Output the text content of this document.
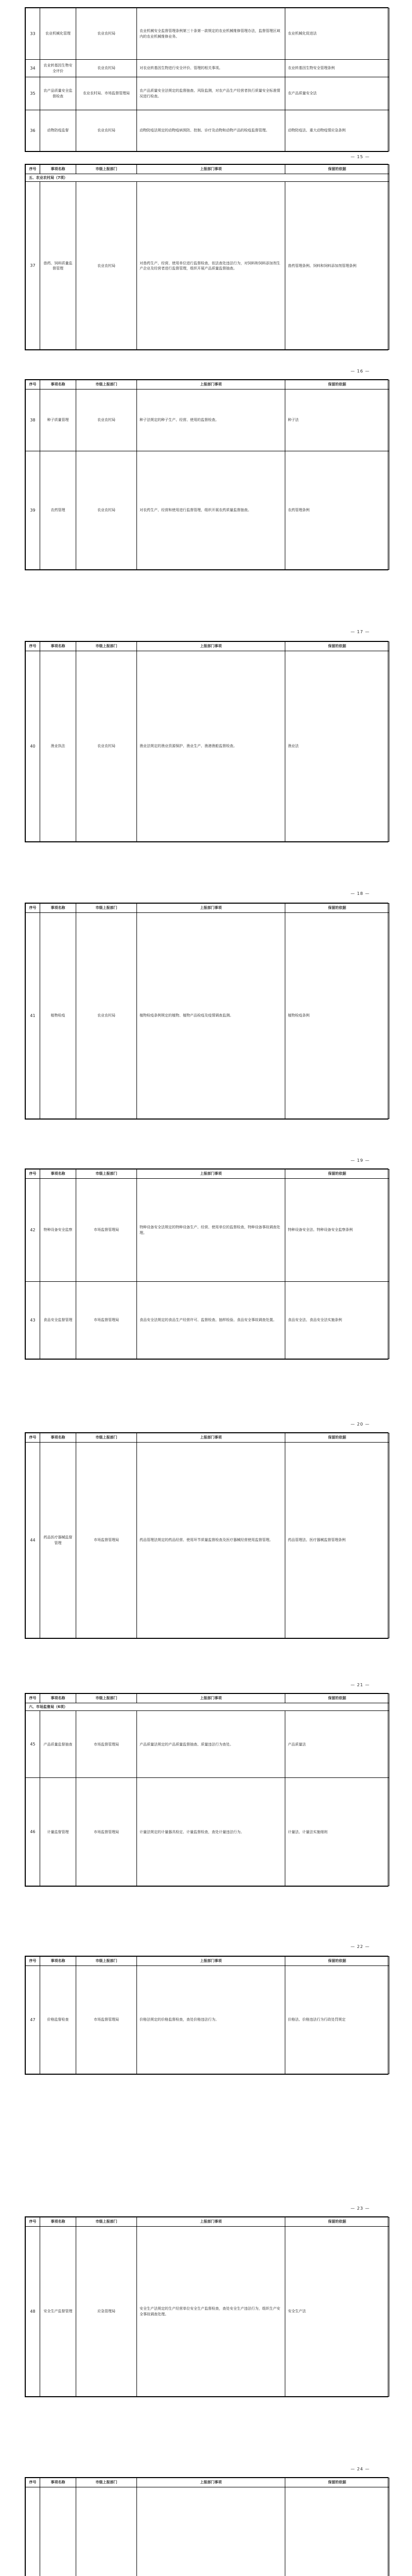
33	农业机械化管理	农业农村局	农业机械安全监督管理条例第三十条第一款规定的农业机械维修管理办法，监督管理区域内的农业机械维修业务。	农业机械化促进法
34	农业转基因生物安全评价	农业农村局	对农业转基因生物进行安全评价、管理的相关事项。	农业转基因生物安全管理条例
35	农产品质量安全监督检查	农业农村局、市场监督管理局	农产品质量安全法规定的监督抽查、风险监测，对农产品生产经营者执行质量安全标准情况进行检查。	农产品质量安全法
36	动物防疫监督	农业农村局	动物防疫法规定的动物疫病预防、控制、诊疗及动物和动物产品的检疫监督管理。	动物防疫法、重大动物疫情应急条例
— 15 —
序号	事项名称	市级上报部门	上报部门事项	保留的依据
五、农业农村局（7项）				
37	兽药、饲料质量监督管理	农业农村局	对兽药生产、经营、使用单位进行监督检查，依法查处违法行为，对饲料和饲料添加剂生产企业及经营者进行监督管理，组织开展产品质量监督抽查。	兽药管理条例、饲料和饲料添加剂管理条例
— 16 —
序号	事项名称	市级上报部门	上报部门事项	保留的依据
38	种子质量管理	农业农村局	种子法规定的种子生产、经营、使用的监督检查。	种子法
39	农药管理	农业农村局	对农药生产、经营和使用进行监督管理，组织开展农药质量监督抽查。	农药管理条例
— 17 —
序号	事项名称	市级上报部门	上报部门事项	保留的依据
40	渔业执法	农业农村局	渔业法规定的渔业资源保护、渔业生产、渔港渔船监督检查。	渔业法
— 18 —
序号	事项名称	市级上报部门	上报部门事项	保留的依据
41	植物检疫	农业农村局	植物检疫条例规定的植物、植物产品检疫及疫情调查监测。	植物检疫条例
— 19 —
序号	事项名称	市级上报部门	上报部门事项	保留的依据
42	特种设备安全监察	市场监督管理局	特种设备安全法规定的特种设备生产、经营、使用单位的监督检查，特种设备事故调查处理。	特种设备安全法、特种设备安全监察条例
43	食品安全监督管理	市场监督管理局	食品安全法规定的食品生产经营许可、监督检查、抽样检验、食品安全事故调查处置。	食品安全法、食品安全法实施条例
— 20 —
序号	事项名称	市级上报部门	上报部门事项	保留的依据
44	药品医疗器械监督管理	市场监督管理局	药品管理法规定的药品经营、使用环节质量监督检查及医疗器械经营使用监督管理。	药品管理法、医疗器械监督管理条例
— 21 —
序号	事项名称	市级上报部门	上报部门事项	保留的依据
六、市场监督局（6项）				
45	产品质量监督抽查	市场监督管理局	产品质量法规定的产品质量监督抽查、质量违法行为查处。	产品质量法
46	计量监督管理	市场监督管理局	计量法规定的计量器具检定、计量监督检查，查处计量违法行为。	计量法、计量法实施细则
— 22 —
序号	事项名称	市级上报部门	上报部门事项	保留的依据
47	价格监督检查	市场监督管理局	价格法规定的价格监督检查，查处价格违法行为。	价格法、价格违法行为行政处罚规定
— 23 —
序号	事项名称	市级上报部门	上报部门事项	保留的依据
48	安全生产监督管理	应急管理局	安全生产法规定的生产经营单位安全生产监督检查，查处安全生产违法行为，组织生产安全事故调查处理。	安全生产法
— 24 —
序号	事项名称	市级上报部门	上报部门事项	保留的依据
